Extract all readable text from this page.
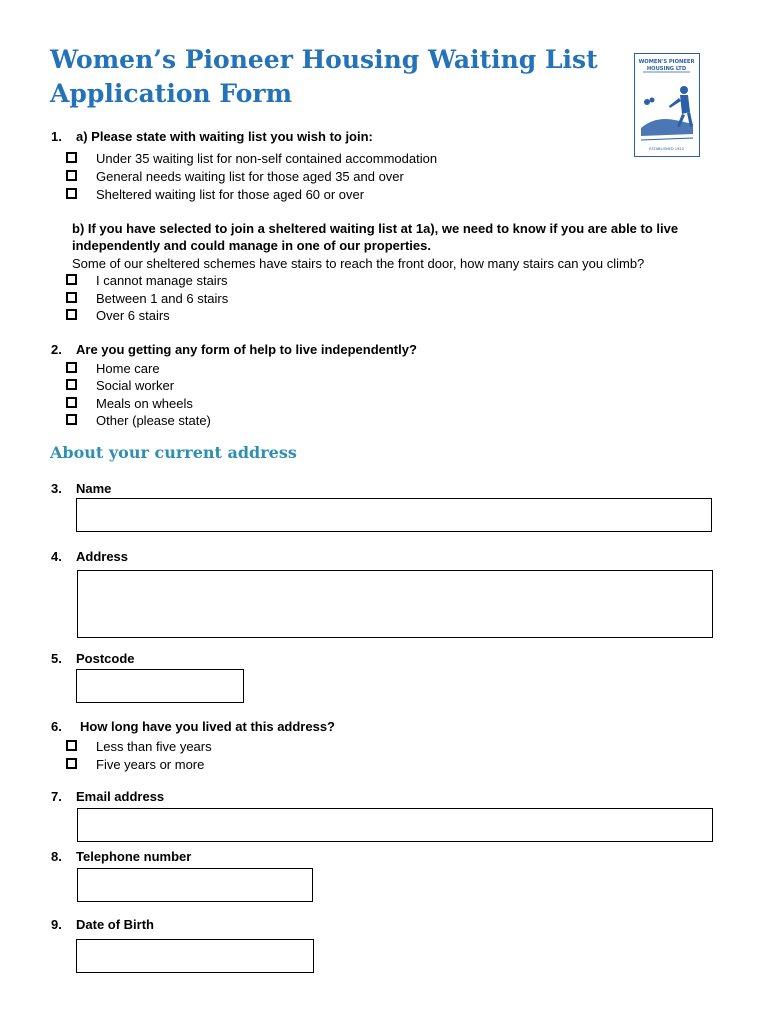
Women’s Pioneer Housing Waiting List Application Form
WOMEN'S PIONEER
HOUSING LTD
ESTABLISHED 1920
1. a) Please state with waiting list you wish to join:
Under 35 waiting list for non-self contained accommodation
General needs waiting list for those aged 35 and over
Sheltered waiting list for those aged 60 or over
b) If you have selected to join a sheltered waiting list at 1a), we need to know if you are able to live independently and could manage in one of our properties.
Some of our sheltered schemes have stairs to reach the front door, how many stairs can you climb?
I cannot manage stairs
Between 1 and 6 stairs
Over 6 stairs
2. Are you getting any form of help to live independently?
Home care
Social worker
Meals on wheels
Other (please state)
About your current address
3. Name
4. Address
5. Postcode
6. How long have you lived at this address?
Less than five years
Five years or more
7. Email address
8. Telephone number
9. Date of Birth
